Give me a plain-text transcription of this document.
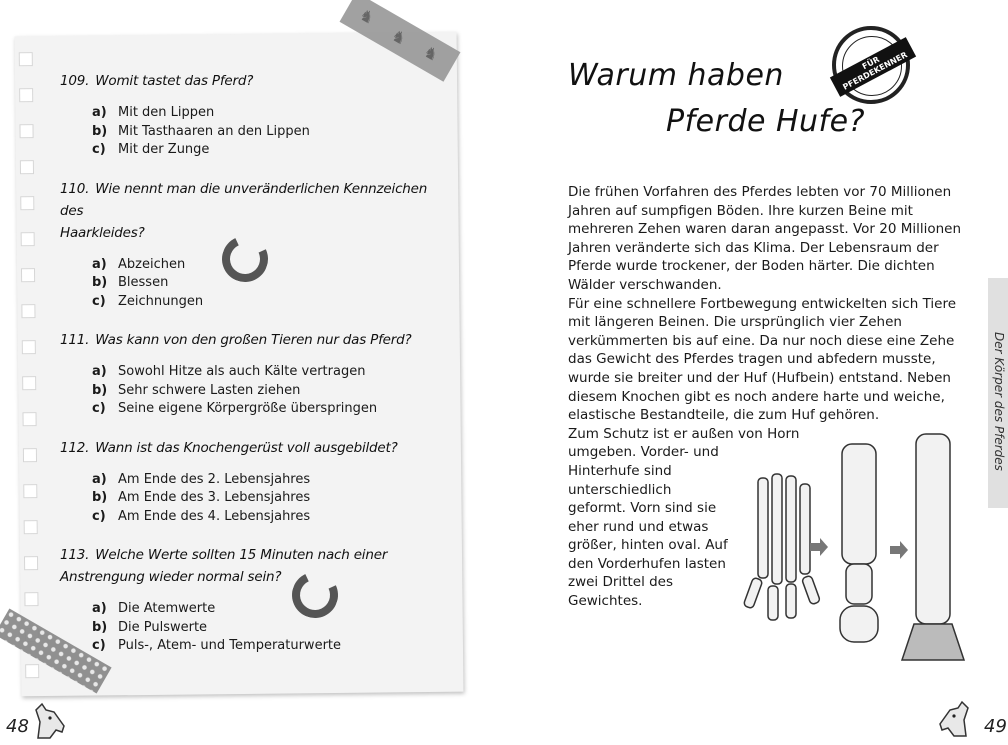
♞
♞
♞
109. Womit tastet das Pferd?
a) Mit den Lippen
b) Mit Tasthaaren an den Lippen
c) Mit der Zunge
110. Wie nennt man die unveränderlichen Kennzeichen des
Haarkleides?
a) Abzeichen
b) Blessen
c) Zeichnungen
111. Was kann von den großen Tieren nur das Pferd?
a) Sowohl Hitze als auch Kälte vertragen
b) Sehr schwere Lasten ziehen
c) Seine eigene Körpergröße überspringen
112. Wann ist das Knochengerüst voll ausgebildet?
a) Am Ende des 2. Lebensjahres
b) Am Ende des 3. Lebensjahres
c) Am Ende des 4. Lebensjahres
113. Welche Werte sollten 15 Minuten nach einer
Anstrengung wieder normal sein?
a) Die Atemwerte
b) Die Pulswerte
c) Puls-, Atem- und Temperaturwerte
48
Warum haben
Pferde Hufe?
FÜR PFERDEKENNER

Die frühen Vorfahren des Pferdes lebten vor 70 Millionen Jahren auf sumpfigen Böden. Ihre kurzen Beine mit mehreren Zehen waren daran angepasst. Vor 20 Millionen Jahren veränderte sich das Klima. Der Lebensraum der Pferde wurde trockener, der Boden härter. Die dichten Wälder verschwanden.

Für eine schnellere Fortbewegung entwickelten sich Tiere mit längeren Beinen. Die ursprünglich vier Zehen verkümmerten bis auf eine. Da nur noch diese eine Zehe das Gewicht des Pferdes tragen und abfedern musste, wurde sie breiter und der Huf (Hufbein) entstand. Neben diesem Knochen gibt es noch andere harte und weiche, elastische Bestandteile, die zum Huf gehören.

Zum Schutz ist er außen von Horn

umgeben. Vorder- und Hinterhufe sind unterschiedlich geformt. Vorn sind sie eher rund und etwas größer, hinten oval. Auf den Vorderhufen lasten zwei Drittel des Gewichtes.

Der Körper des Pferdes
49
